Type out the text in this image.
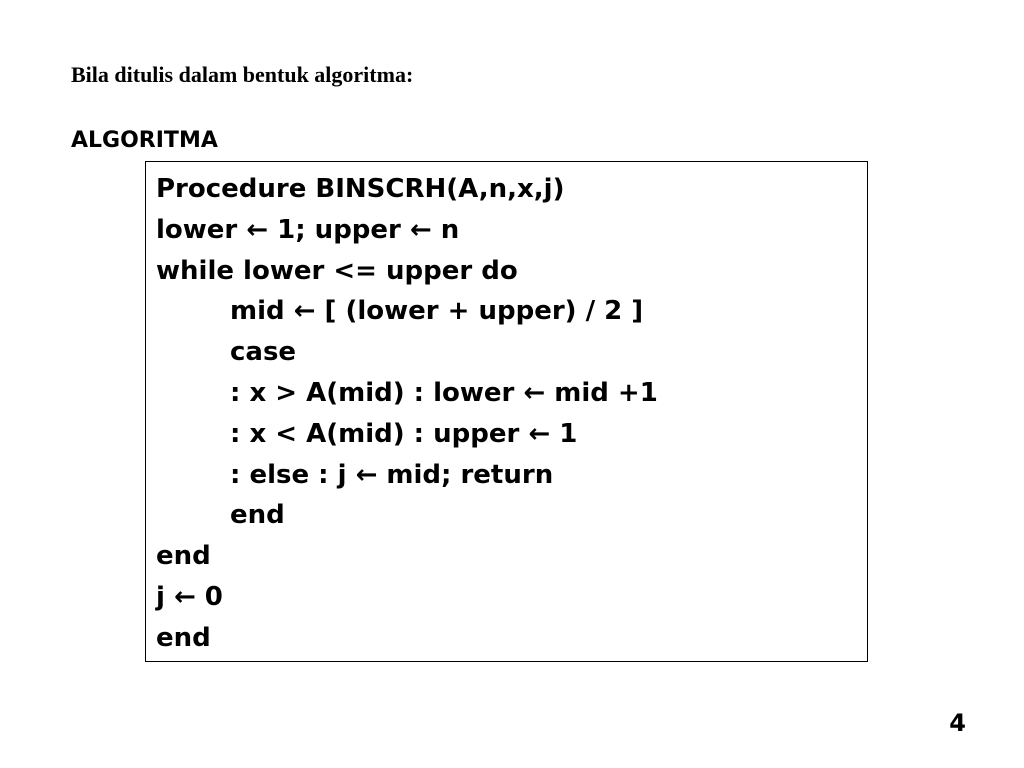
Bila ditulis dalam bentuk algoritma:
ALGORITMA
Procedure BINSCRH(A,n,x,j)
lower ← 1; upper ← n
while lower <= upper do
mid ← [ (lower + upper) / 2 ]
case
: x > A(mid) : lower ← mid +1
: x < A(mid) : upper ← 1
: else : j ← mid; return
end
end
j ← 0
end
4
